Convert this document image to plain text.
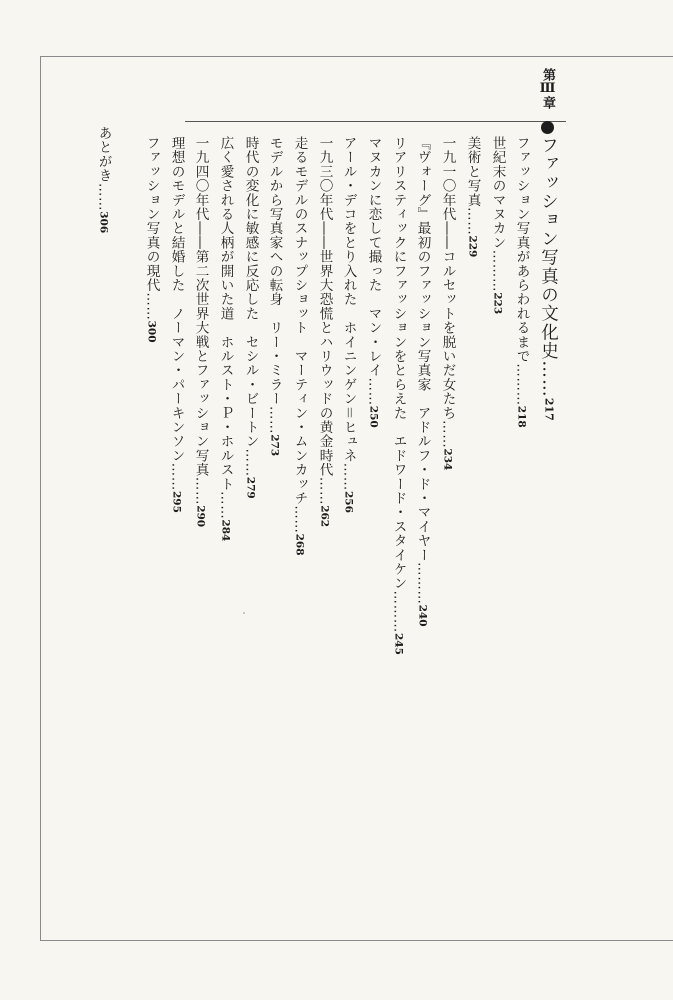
第Ⅲ章
ファッション写真の文化史……217
ファッション写真があらわれるまで………218
世紀末のマヌカン………223
美術と写真……229
一九一〇年代――コルセットを脱いだ女たち……234
『ヴォーグ』最初のファッション写真家　アドルフ・ド・マイヤー………240
リアリスティックにファッションをとらえた　エドワード・スタイケン………245
マヌカンに恋して撮った　マン・レイ……250
アール・デコをとり入れた　ホイニンゲン＝ヒュネ……256
一九三〇年代――世界大恐慌とハリウッドの黄金時代……262
走るモデルのスナップショット　マーティン・ムンカッチ……268
モデルから写真家への転身　リー・ミラー……273
時代の変化に敏感に反応した　セシル・ビートン……279
広く愛される人柄が開いた道　ホルスト・Ｐ・ホルスト……284
一九四〇年代――第二次世界大戦とファッション写真……290
理想のモデルと結婚した　ノーマン・パーキンソン……295
ファッション写真の現代……300
あとがき……306
